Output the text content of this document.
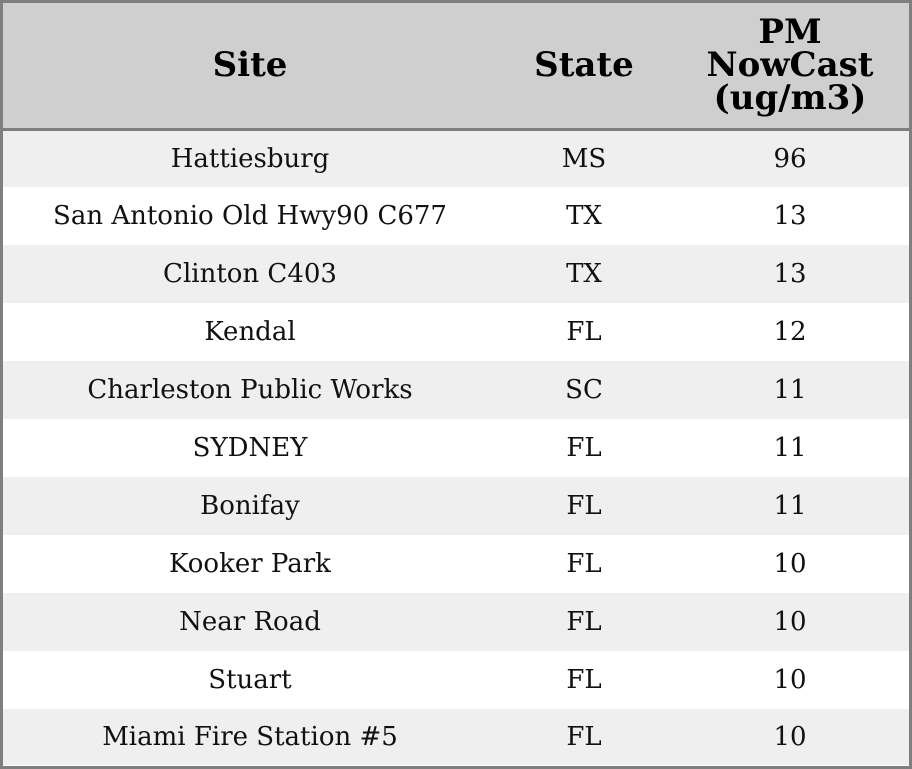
Site	State	PM
NowCast
(ug/m3)

Hattiesburg	MS	96
San Antonio Old Hwy90 C677	TX	13
Clinton C403	TX	13
Kendal	FL	12
Charleston Public Works	SC	11
SYDNEY	FL	11
Bonifay	FL	11
Kooker Park	FL	10
Near Road	FL	10
Stuart	FL	10
Miami Fire Station #5	FL	10
